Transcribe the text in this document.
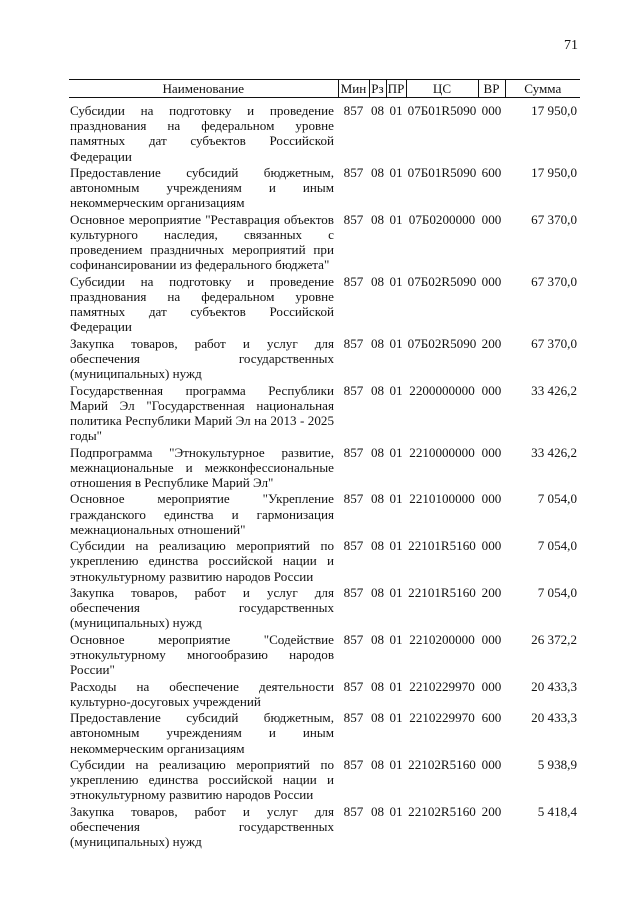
71
Наименование	Мин	Рз	ПР	ЦС	ВР	Сумма
Субсидии на подготовку и проведение празднования на федеральном уровне памятных дат субъектов Российской Федерации	857	08	01	07Б01R5090	000	17 950,0
Предоставление субсидий бюджетным, автономным учреждениям и иным некоммерческим организациям	857	08	01	07Б01R5090	600	17 950,0
Основное мероприятие "Реставрация объектов культурного наследия, связанных с проведением праздничных мероприятий при софинансировании из федерального бюджета"	857	08	01	07Б0200000	000	67 370,0
Субсидии на подготовку и проведение празднования на федеральном уровне памятных дат субъектов Российской Федерации	857	08	01	07Б02R5090	000	67 370,0
Закупка товаров, работ и услуг для обеспечения государственных (муниципальных) нужд	857	08	01	07Б02R5090	200	67 370,0
Государственная программа Республики Марий Эл "Государственная национальная политика Республики Марий Эл на 2013 - 2025 годы"	857	08	01	2200000000	000	33 426,2
Подпрограмма "Этнокультурное развитие, межнациональные и межконфессиональные отношения в Республике Марий Эл"	857	08	01	2210000000	000	33 426,2
Основное мероприятие "Укрепление гражданского единства и гармонизация межнациональных отношений"	857	08	01	2210100000	000	7 054,0
Субсидии на реализацию мероприятий по укреплению единства российской нации и этнокультурному развитию народов России	857	08	01	22101R5160	000	7 054,0
Закупка товаров, работ и услуг для обеспечения государственных (муниципальных) нужд	857	08	01	22101R5160	200	7 054,0
Основное мероприятие "Содействие этнокультурному многообразию народов России"	857	08	01	2210200000	000	26 372,2
Расходы на обеспечение деятельности культурно-досуговых учреждений	857	08	01	2210229970	000	20 433,3
Предоставление субсидий бюджетным, автономным учреждениям и иным некоммерческим организациям	857	08	01	2210229970	600	20 433,3
Субсидии на реализацию мероприятий по укреплению единства российской нации и этнокультурному развитию народов России	857	08	01	22102R5160	000	5 938,9
Закупка товаров, работ и услуг для обеспечения государственных (муниципальных) нужд	857	08	01	22102R5160	200	5 418,4
